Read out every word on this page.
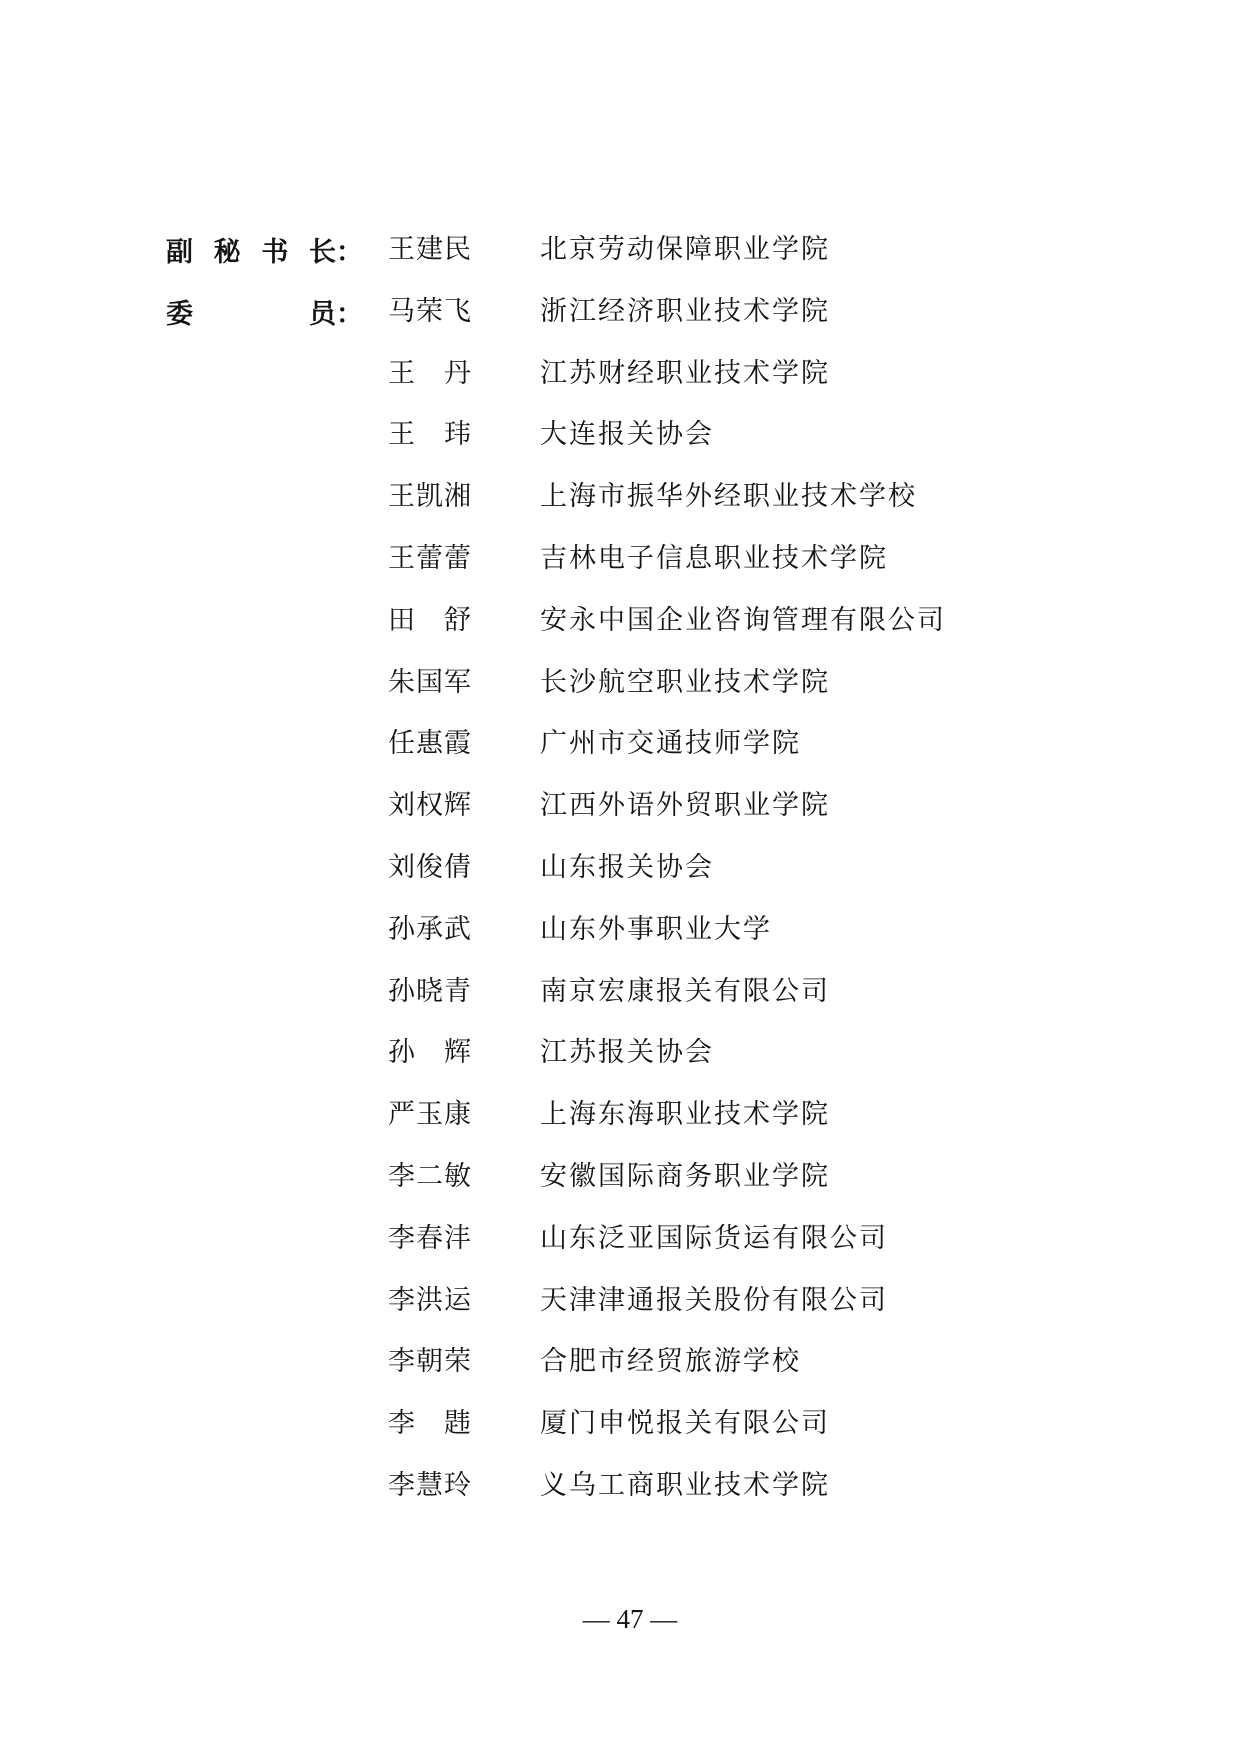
副 秘 书 长 ： 王建民	北京劳动保障职业学院
委	员 ： 马荣飞	浙江经济职业技术学院
王　丹	江苏财经职业技术学院
王　玮	大连报关协会
王凯湘	上海市振华外经职业技术学校
王蕾蕾	吉林电子信息职业技术学院
田　舒	安永中国企业咨询管理有限公司
朱国军	长沙航空职业技术学院
任惠霞	广州市交通技师学院
刘权辉	江西外语外贸职业学院
刘俊倩	山东报关协会
孙承武	山东外事职业大学
孙晓青	南京宏康报关有限公司
孙　辉	江苏报关协会
严玉康	上海东海职业技术学院
李二敏	安徽国际商务职业学院
李春沣	山东泛亚国际货运有限公司
李洪运	天津津通报关股份有限公司
李朝荣	合肥市经贸旅游学校
李　韪	厦门申悦报关有限公司
李慧玲	义乌工商职业技术学院
— 47 —
